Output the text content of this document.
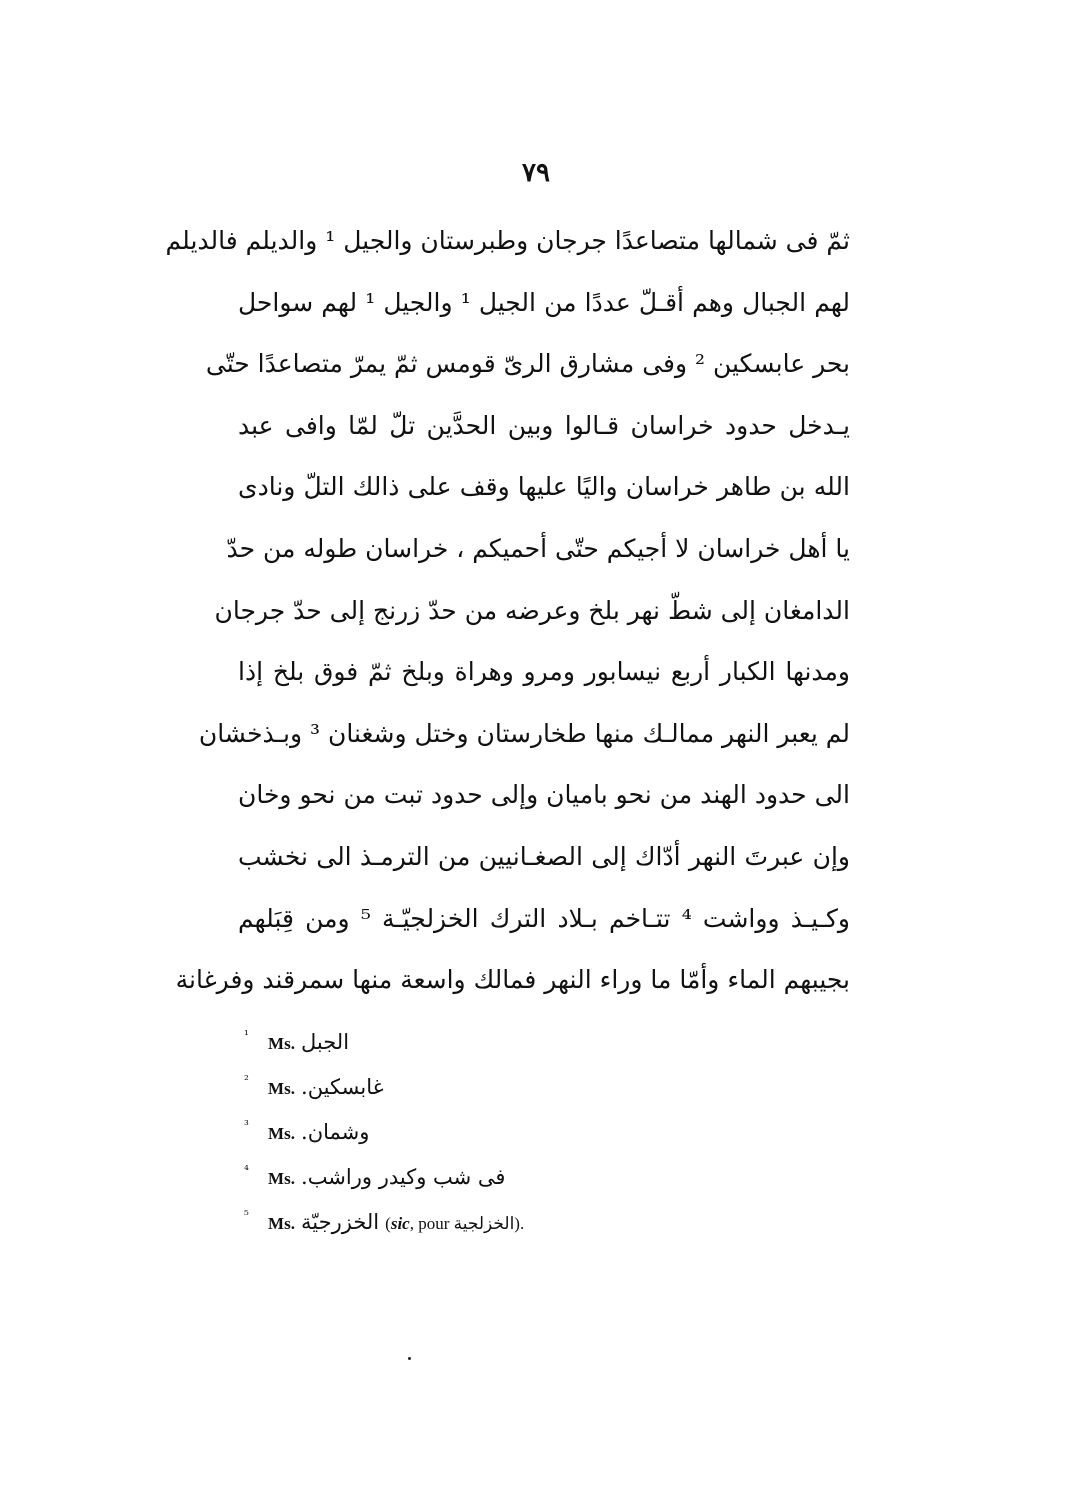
٧٩
ثمّ فى شمالها متصاعدًا جرجان وطبرستان والجيل ¹ والديلم فالديلم
لهم الجبال وهم أقـلّ عددًا من الجيل ¹ والجيل ¹ لهم سواحل
بحر عابسكين ² وفى مشارق الرىّ قومس ثمّ يمرّ متصاعدًا حتّى
يـدخل حدود خراسان قـالوا وبين الحدَّين تلّ لمّا وافى عبد
الله بن طاهر خراسان واليًا عليها وقف على ذالك التلّ ونادى
يا أهل خراسان لا أجيكم حتّى أحميكم ، خراسان طوله من حدّ
الدامغان إلى شطّ نهر بلخ وعرضه من حدّ زرنج إلى حدّ جرجان
ومدنها الكبار أربع نيسابور ومرو وهراة وبلخ ثمّ فوق بلخ إذا
لم يعبر النهر ممالـك منها طخارستان وختل وشغنان ³ وبـذخشان
الى حدود الهند من نحو باميان وإلى حدود تبت من نحو وخان
وإن عبرتَ النهر أدّاك إلى الصغـانيين من الترمـذ الى نخشب
وكـيـذ وواشت ⁴ تتـاخم بـلاد الترك الخزلجيّـة ⁵ ومن قِبَلهم
بجيبهم الماء وأمّا ما وراء النهر فمالك واسعة منها سمرقند وفرغانة
¹ Ms. الجبل
² Ms. غابسكين.
³ Ms. وشمان.
⁴ Ms. فى شب وكيدر وراشب.
⁵ Ms. الخزرجيّة (sic, pour الخزلجية).
